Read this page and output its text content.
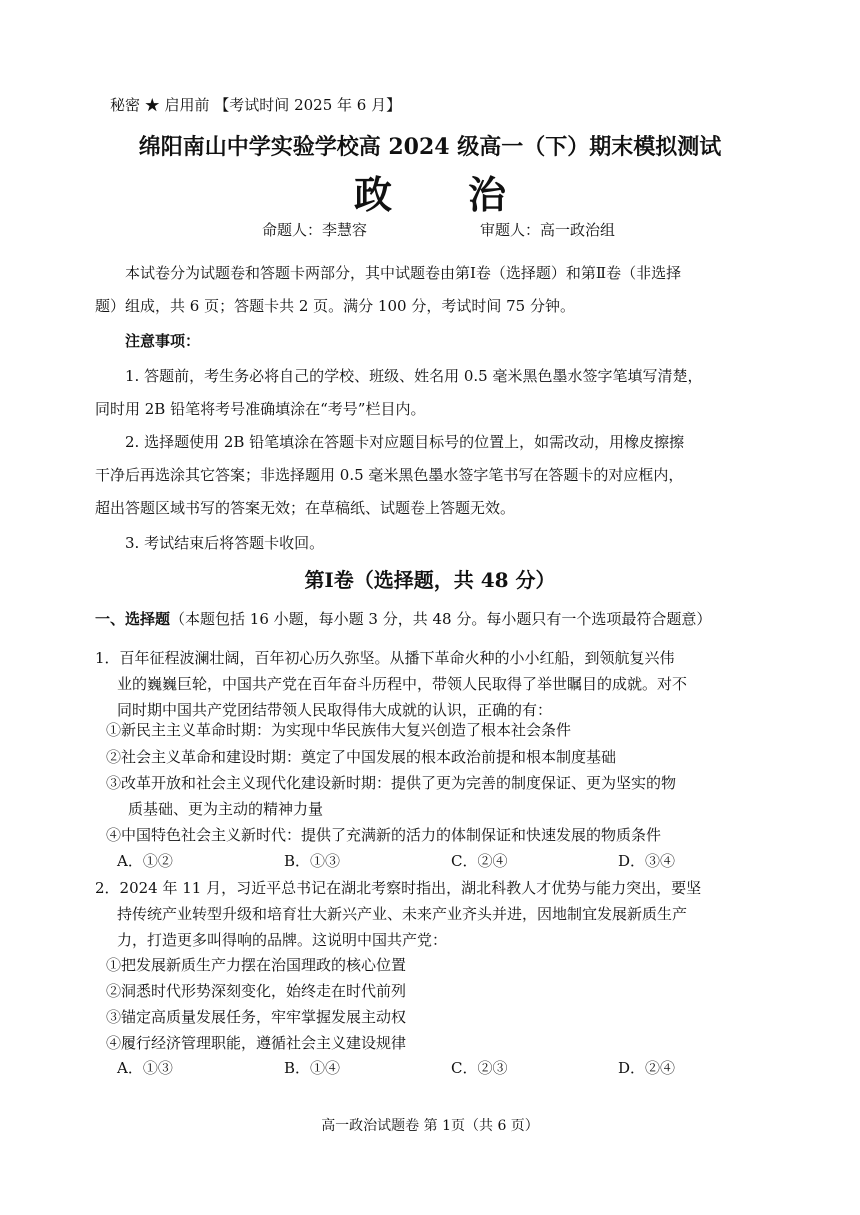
秘密 ★ 启用前 【考试时间 2025 年 6 月】
绵阳南山中学实验学校高 2024 级高一（下）期末模拟测试
政　　治
命题人：李慧容	审题人：高一政治组
本试卷分为试题卷和答题卡两部分，其中试题卷由第Ⅰ卷（选择题）和第Ⅱ卷（非选择
题）组成，共 6 页；答题卡共 2 页。满分 100 分，考试时间 75 分钟。
注意事项：
1. 答题前，考生务必将自己的学校、班级、姓名用 0.5 毫米黑色墨水签字笔填写清楚，
同时用 2B 铅笔将考号准确填涂在“考号”栏目内。
2. 选择题使用 2B 铅笔填涂在答题卡对应题目标号的位置上，如需改动，用橡皮擦擦
干净后再选涂其它答案；非选择题用 0.5 毫米黑色墨水签字笔书写在答题卡的对应框内，
超出答题区域书写的答案无效；在草稿纸、试题卷上答题无效。
3. 考试结束后将答题卡收回。
第Ⅰ卷（选择题，共 48 分）
一、选择题（本题包括 16 小题，每小题 3 分，共 48 分。每小题只有一个选项最符合题意）
1．百年征程波澜壮阔，百年初心历久弥坚。从播下革命火种的小小红船，到领航复兴伟
业的巍巍巨轮，中国共产党在百年奋斗历程中，带领人民取得了举世瞩目的成就。对不
同时期中国共产党团结带领人民取得伟大成就的认识，正确的有：
①新民主主义革命时期：为实现中华民族伟大复兴创造了根本社会条件
②社会主义革命和建设时期：奠定了中国发展的根本政治前提和根本制度基础
③改革开放和社会主义现代化建设新时期：提供了更为完善的制度保证、更为坚实的物
质基础、更为主动的精神力量
④中国特色社会主义新时代：提供了充满新的活力的体制保证和快速发展的物质条件
A．①②	B．①③	C．②④	D．③④
2．2024 年 11 月，习近平总书记在湖北考察时指出，湖北科教人才优势与能力突出，要坚
持传统产业转型升级和培育壮大新兴产业、未来产业齐头并进，因地制宜发展新质生产
力，打造更多叫得响的品牌。这说明中国共产党：
①把发展新质生产力摆在治国理政的核心位置
②洞悉时代形势深刻变化，始终走在时代前列
③锚定高质量发展任务，牢牢掌握发展主动权
④履行经济管理职能，遵循社会主义建设规律
A．①③	B．①④	C．②③	D．②④
高一政治试题卷 第 1页（共 6 页）
